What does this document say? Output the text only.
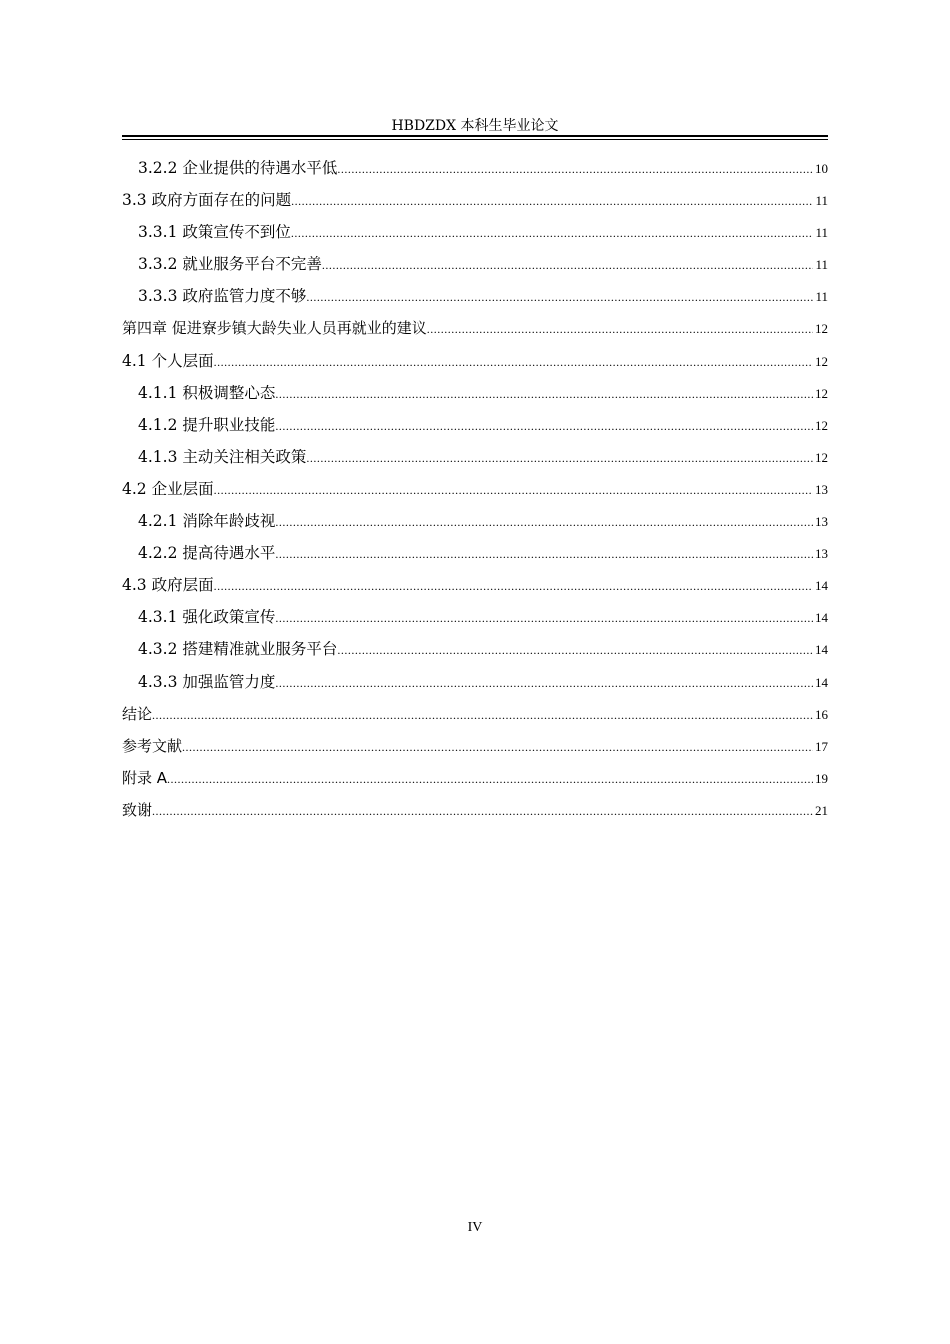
HBDZDX 本科生毕业论文
3.2.2 企业提供的待遇水平低 .....	10
3.3 政府方面存在的问题 .....	11
3.3.1 政策宣传不到位 .....	11
3.3.2 就业服务平台不完善 .....	11
3.3.3 政府监管力度不够 .....	11
第四章 促进寮步镇大龄失业人员再就业的建议 .....	12
4.1 个人层面 .....	12
4.1.1 积极调整心态 .....	12
4.1.2 提升职业技能 .....	12
4.1.3 主动关注相关政策 .....	12
4.2 企业层面 .....	13
4.2.1 消除年龄歧视 .....	13
4.2.2 提高待遇水平 .....	13
4.3 政府层面 .....	14
4.3.1 强化政策宣传 .....	14
4.3.2 搭建精准就业服务平台 .....	14
4.3.3 加强监管力度 .....	14
结论 .....	16
参考文献 .....	17
附录 A .....	19
致谢 .....	21
IV
